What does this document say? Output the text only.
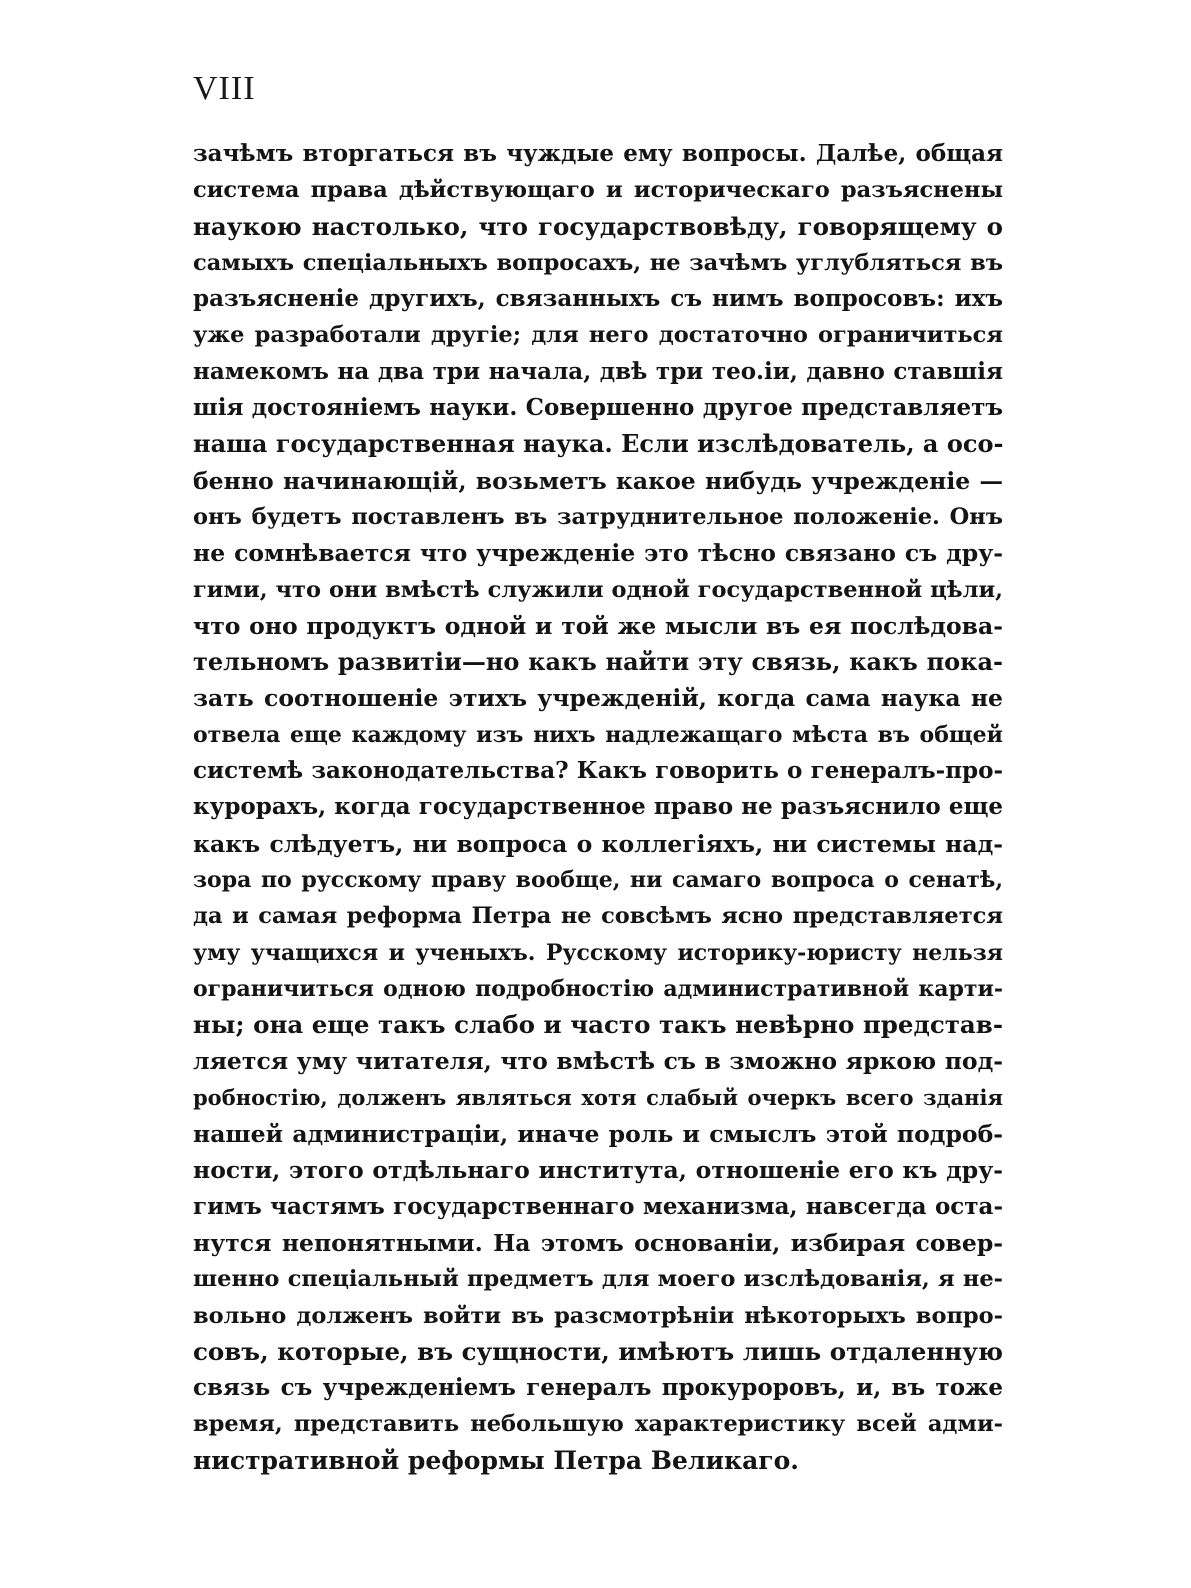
VIII
зачѣмъ вторгаться въ чуждые ему вопросы. Далѣе, общая
система права дѣйствующаго и историческаго разъяснены
наукою настолько, что государствовѣду, говорящему о
самыхъ спеціальныхъ вопросахъ, не зачѣмъ углубляться въ
разъясненіе другихъ, связанныхъ съ нимъ вопросовъ: ихъ
уже разработали другіе; для него достаточно ограничиться
намекомъ на два три начала, двѣ три тео.іи, давно ставшія
шія достояніемъ науки. Совершенно другое представляетъ
наша государственная наука. Если изслѣдователь, а осо-
бенно начинающій, возьметъ какое нибудь учрежденіе —
онъ будетъ поставленъ въ затруднительное положеніе. Онъ
не сомнѣвается что учрежденіе это тѣсно связано съ дру-
гими, что они вмѣстѣ служили одной государственной цѣли,
что оно продуктъ одной и той же мысли въ ея послѣдова-
тельномъ развитіи—но какъ найти эту связь, какъ пока-
зать соотношеніе этихъ учрежденій, когда сама наука не
отвела еще каждому изъ нихъ надлежащаго мѣста въ общей
системѣ законодательства? Какъ говорить о генералъ-про-
курорахъ, когда государственное право не разъяснило еще
какъ слѣдуетъ, ни вопроса о коллегіяхъ, ни системы над-
зора по русскому праву вообще, ни самаго вопроса о сенатѣ,
да и самая реформа Петра не совсѣмъ ясно представляется
уму учащихся и ученыхъ. Русскому историку-юристу нельзя
ограничиться одною подробностію административной карти-
ны; она еще такъ слабо и часто такъ невѣрно представ-
ляется уму читателя, что вмѣстѣ съ в зможно яркою под-
робностію, долженъ являться хотя слабый очеркъ всего зданія
нашей администраціи, иначе роль и смыслъ этой подроб-
ности, этого отдѣльнаго института, отношеніе его къ дру-
гимъ частямъ государственнаго механизма, навсегда оста-
нутся непонятными. На этомъ основаніи, избирая совер-
шенно спеціальный предметъ для моего изслѣдованія, я не-
вольно долженъ войти въ разсмотрѣніи нѣкоторыхъ вопро-
совъ, которые, въ сущности, имѣютъ лишь отдаленную
связь съ учрежденіемъ генералъ прокуроровъ, и, въ тоже
время, представить небольшую характеристику всей адми-
нистративной реформы Петра Великаго.
